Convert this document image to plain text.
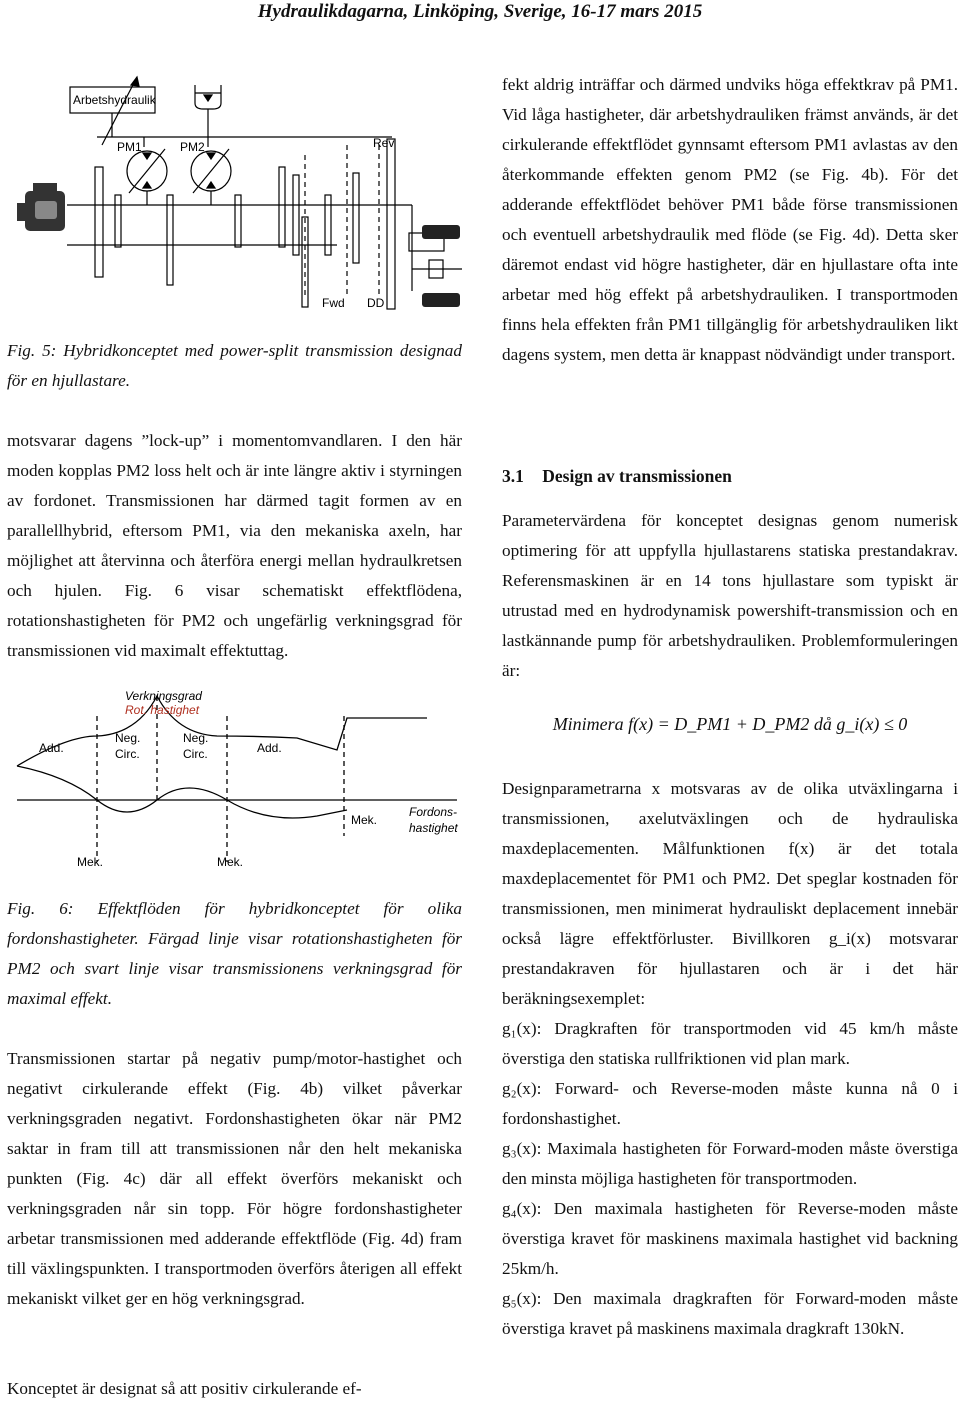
Hydraulikdagarna, Linköping, Sverige, 16-17 mars 2015
Arbetshydraulik
PM1	PM2	Rev
Fwd DD

Fig. 5: Hybridkonceptet med power-split transmission designad för en hjullastare.

motsvarar dagens ”lock-up” i momentomvandlaren. I den här moden kopplas PM2 loss helt och är inte längre aktiv i styrningen av fordonet. Transmissionen har därmed tagit formen av en parallellhybrid, eftersom PM1, via den mekaniska axeln, har möjlighet att återvinna och återföra energi mellan hydraulkretsen och hjulen. Fig. 6 visar schematiskt effektflödena, rotationshastigheten för PM2 och ungefärlig verkningsgrad för transmissionen vid maximalt effektuttag.

Verkningsgrad
Rot. hastighet
Add.
Neg.
Circ.
Neg.
Circ.	Add.
Mek.	Mek.
Mek.
Fordons-
hastighet

Fig. 6: Effektflöden för hybridkonceptet för olika fordonshastigheter. Färgad linje visar rotationshastigheten för PM2 och svart linje visar transmissionens verkningsgrad för maximal effekt.

Transmissionen startar på negativ pump/motor-hastighet och negativt cirkulerande effekt (Fig. 4b) vilket påverkar verkningsgraden negativt. Fordonshastigheten ökar när PM2 saktar in fram till att transmissionen når den helt mekaniska punkten (Fig. 4c) där all effekt överförs mekaniskt och verkningsgraden når sin topp. För högre fordonshastigheter arbetar transmissionen med adderande effektflöde (Fig. 4d) fram till växlingspunkten. I transportmoden överförs återigen all effekt mekaniskt vilket ger en hög verkningsgrad.

Konceptet är designat så att positiv cirkulerande ef-

fekt aldrig inträffar och därmed undviks höga effektkrav på PM1. Vid låga hastigheter, där arbetshydrauliken främst används, är det cirkulerande effektflödet gynnsamt eftersom PM1 avlastas av den återkommande effekten genom PM2 (se Fig. 4b). För det adderande effektflödet behöver PM1 både förse transmissionen och eventuell arbetshydraulik med flöde (se Fig. 4d). Detta sker däremot endast vid högre hastigheter, där en hjullastare ofta inte arbetar med hög effekt på arbetshydrauliken. I transportmoden finns hela effekten från PM1 tillgänglig för arbetshydrauliken likt dagens system, men detta är knappast nödvändigt under transport.

3.1 Design av transmissionen

Parametervärdena för konceptet designas genom numerisk optimering för att uppfylla hjullastarens statiska prestandakrav. Referensmaskinen är en 14 tons hjullastare som typiskt är utrustad med en hydrodynamisk powershift-transmission och en lastkännande pump för arbetshydrauliken. Problemformuleringen är:

Minimera f(x) = D_PM1 + D_PM2 då g_i(x) ≤ 0

Designparametrarna x motsvaras av de olika utväxlingarna i transmissionen, axelutväxlingen och de hydrauliska maxdeplacementen. Målfunktionen f(x) är det totala maxdeplacementet för PM1 och PM2. Det speglar kostnaden för transmissionen, men minimerat hydrauliskt deplacement innebär också lägre effektförluster. Bivillkoren g_i(x) motsvarar prestandakraven för hjullastaren och är i det här beräkningsexemplet:

g₁(x): Dragkraften för transportmoden vid 45 km/h måste överstiga den statiska rullfriktionen vid plan mark.

g₂(x): Forward- och Reverse-moden måste kunna nå 0 i fordonshastighet.

g₃(x): Maximala hastigheten för Forward-moden måste överstiga den minsta möjliga hastigheten för transportmoden.

g₄(x): Den maximala hastigheten för Reverse-moden måste överstiga kravet för maskinens maximala hastighet vid backning 25km/h.

g₅(x): Den maximala dragkraften för Forward-moden måste överstiga kravet på maskinens maximala dragkraft 130kN.
